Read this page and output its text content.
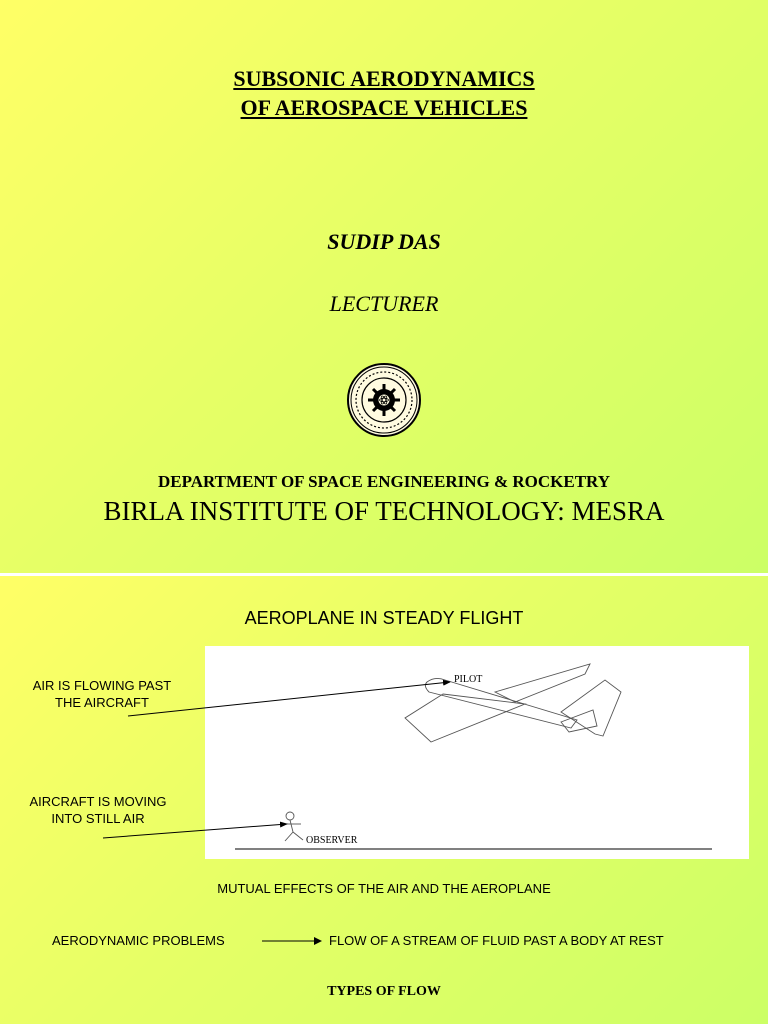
SUBSONIC AERODYNAMICS
OF AEROSPACE VEHICLES
SUDIP DAS
LECTURER
DEPARTMENT OF SPACE ENGINEERING & ROCKETRY
BIRLA INSTITUTE OF TECHNOLOGY: MESRA
AEROPLANE IN STEADY FLIGHT
AIR IS FLOWING PAST
THE AIRCRAFT
AIRCRAFT IS MOVING
INTO STILL AIR
PILOT
OBSERVER
MUTUAL EFFECTS OF THE AIR AND THE AEROPLANE
AERODYNAMIC PROBLEMS	FLOW OF A STREAM OF FLUID PAST A BODY AT REST
TYPES OF FLOW
